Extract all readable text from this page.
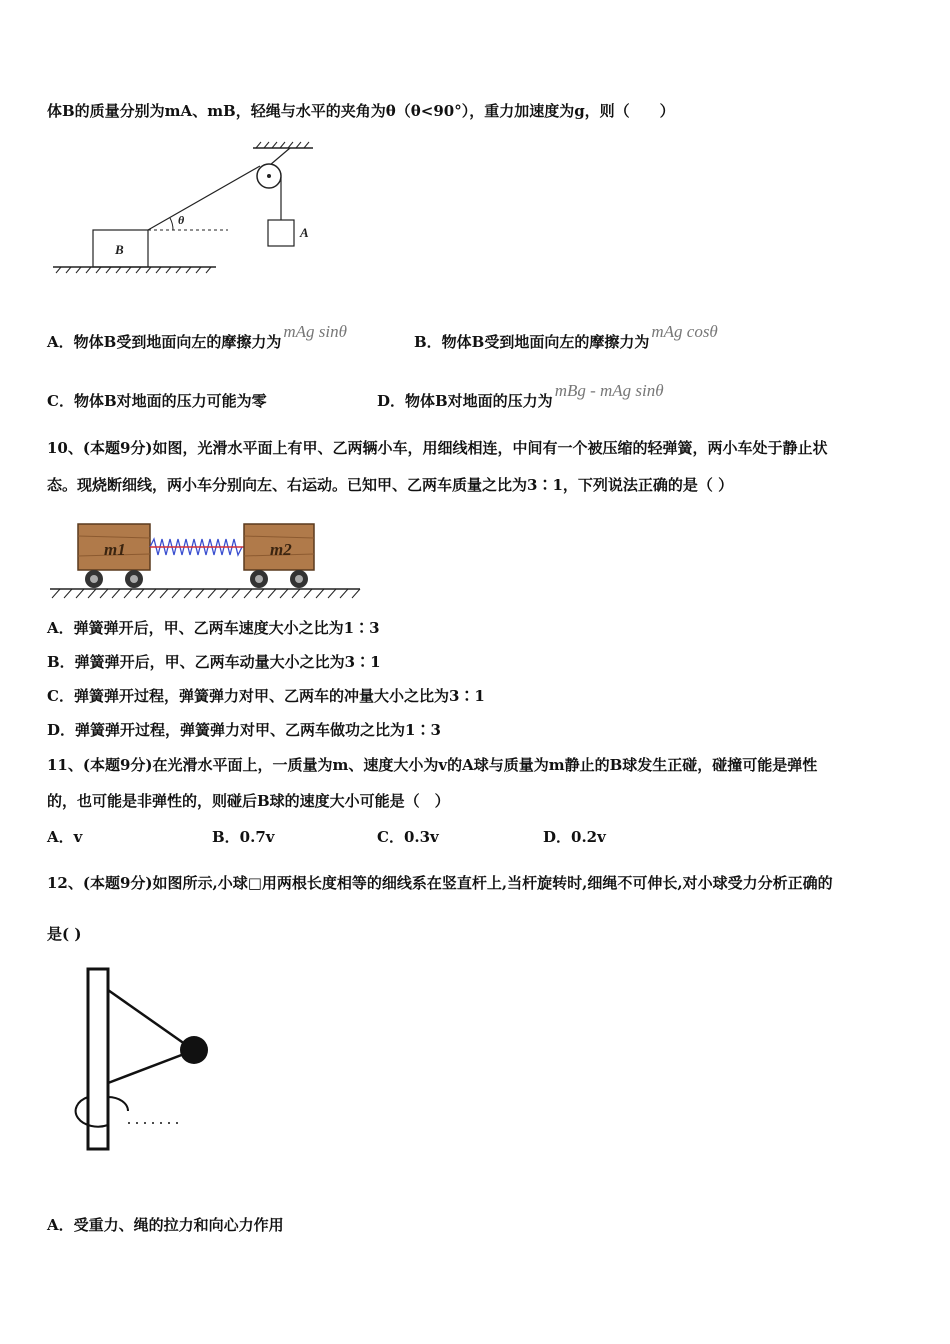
体B的质量分别为mA、mB，轻绳与水平的夹角为θ（θ<90°），重力加速度为g，则（　　）
θ
A
B
A．物体B受到地面向左的摩擦力为mAg sinθ
B．物体B受到地面向左的摩擦力为mAg cosθ
C．物体B对地面的压力可能为零	D．物体B对地面的压力为mBg - mAg sinθ
10、(本题9分)如图，光滑水平面上有甲、乙两辆小车，用细线相连，中间有一个被压缩的轻弹簧，两小车处于静止状
态。现烧断细线，两小车分别向左、右运动。已知甲、乙两车质量之比为3∶1，下列说法正确的是（ ）
m1	m2
A．弹簧弹开后，甲、乙两车速度大小之比为1∶3
B．弹簧弹开后，甲、乙两车动量大小之比为3∶1
C．弹簧弹开过程，弹簧弹力对甲、乙两车的冲量大小之比为3∶1
D．弹簧弹开过程，弹簧弹力对甲、乙两车做功之比为1∶3
11、(本题9分)在光滑水平面上，一质量为m、速度大小为v的A球与质量为m静止的B球发生正碰，碰撞可能是弹性
的，也可能是非弹性的，则碰后B球的速度大小可能是（　）
A．v	B．0.7v	C．0.3v	D．0.2v
12、(本题9分)如图所示,小球□用两根长度相等的细线系在竖直杆上,当杆旋转时,细绳不可伸长,对小球受力分析正确的
是( )
A．受重力、绳的拉力和向心力作用
